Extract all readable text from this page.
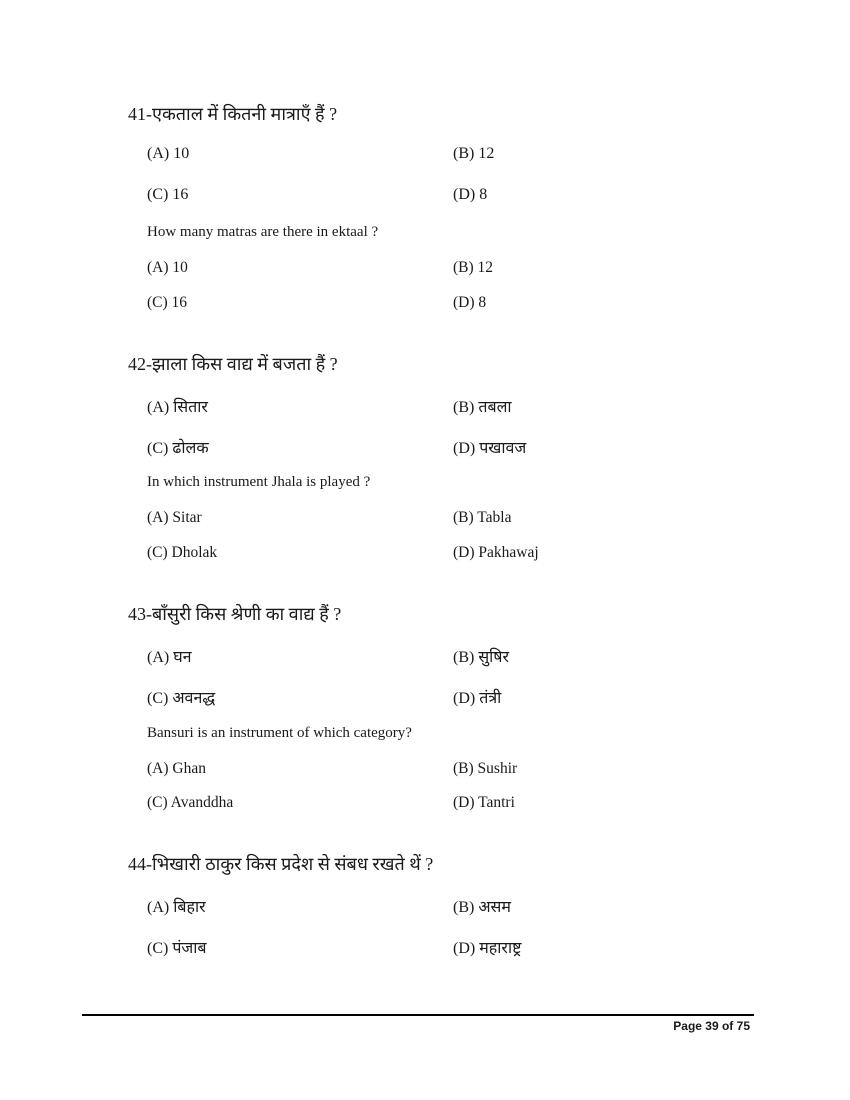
41-एकताल में कितनी मात्राएँ हैं ?
(A) 10	(B) 12
(C) 16	(D) 8
How many matras are there in ektaal ?
(A) 10	(B) 12
(C) 16	(D) 8
42-झाला किस वाद्य में बजता हैं ?
(A) सितार	(B) तबला
(C) ढोलक	(D) पखावज
In which instrument Jhala is played ?
(A) Sitar	(B) Tabla
(C) Dholak	(D) Pakhawaj
43-बाँसुरी किस श्रेणी का वाद्य हैं ?
(A) घन	(B) सुषिर
(C) अवनद्ध	(D) तंत्री
Bansuri is an instrument of which category?
(A) Ghan	(B) Sushir
(C) Avanddha	(D) Tantri
44-भिखारी ठाकुर किस प्रदेश से संबध रखते थें ?
(A) बिहार	(B) असम
(C) पंजाब	(D) महाराष्ट्र
Page 39 of 75
